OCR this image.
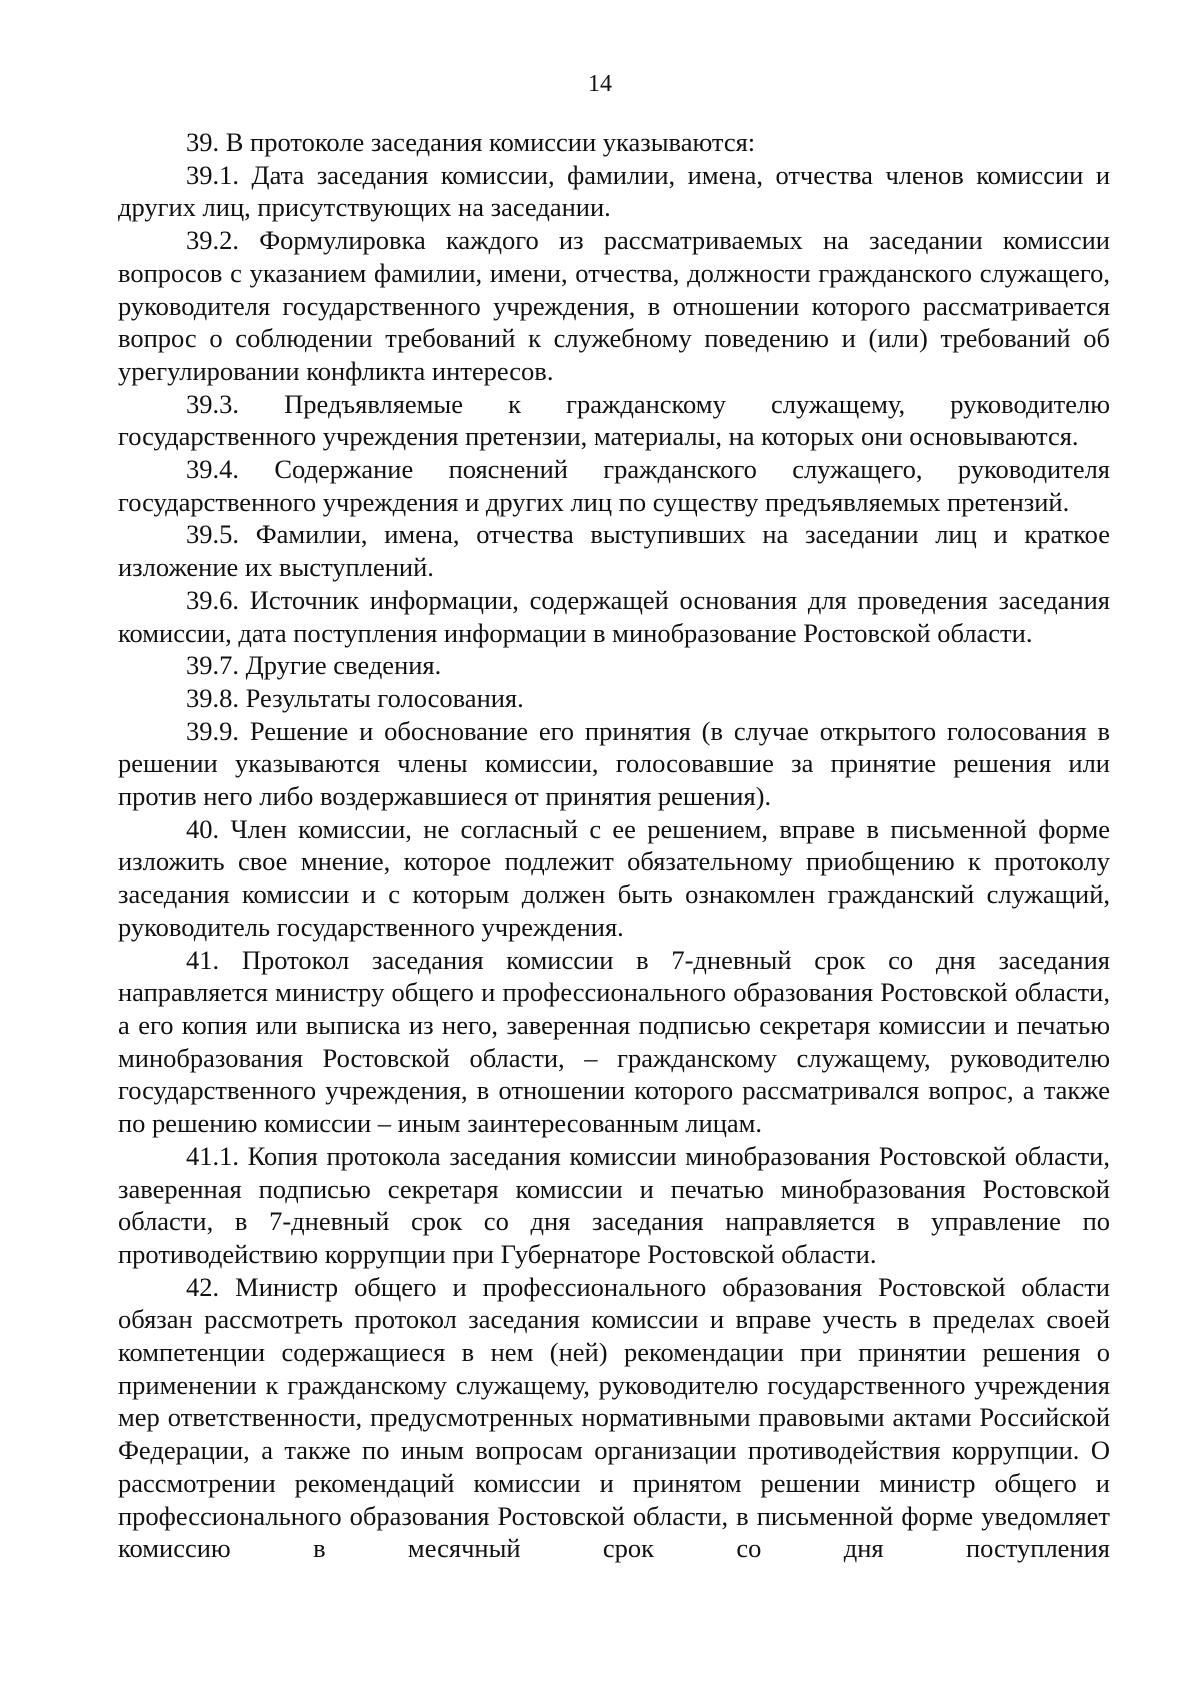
14

39. В протоколе заседания комиссии указываются:

39.1. Дата заседания комиссии, фамилии, имена, отчества членов комиссии и других лиц, присутствующих на заседании.

39.2. Формулировка каждого из рассматриваемых на заседании комиссии вопросов с указанием фамилии, имени, отчества, должности гражданского служащего, руководителя государственного учреждения, в отношении которого рассматривается вопрос о соблюдении требований к служебному поведению и (или) требований об урегулировании конфликта интересов.

39.3. Предъявляемые к гражданскому служащему, руководителю государственного учреждения претензии, материалы, на которых они основываются.

39.4. Содержание пояснений гражданского служащего, руководителя государственного учреждения и других лиц по существу предъявляемых претензий.

39.5. Фамилии, имена, отчества выступивших на заседании лиц и краткое изложение их выступлений.

39.6. Источник информации, содержащей основания для проведения заседания комиссии, дата поступления информации в минобразование Ростовской области.

39.7. Другие сведения.

39.8. Результаты голосования.

39.9. Решение и обоснование его принятия (в случае открытого голосования в решении указываются члены комиссии, голосовавшие за принятие решения или против него либо воздержавшиеся от принятия решения).

40. Член комиссии, не согласный с ее решением, вправе в письменной форме изложить свое мнение, которое подлежит обязательному приобщению к протоколу заседания комиссии и с которым должен быть ознакомлен гражданский служащий, руководитель государственного учреждения.

41. Протокол заседания комиссии в 7-дневный срок со дня заседания направляется министру общего и профессионального образования Ростовской области, а его копия или выписка из него, заверенная подписью секретаря комиссии и печатью минобразования Ростовской области, – гражданскому служащему, руководителю государственного учреждения, в отношении которого рассматривался вопрос, а также по решению комиссии – иным заинтересованным лицам.

41.1. Копия протокола заседания комиссии минобразования Ростовской области, заверенная подписью секретаря комиссии и печатью минобразования Ростовской области, в 7-дневный срок со дня заседания направляется в управление по противодействию коррупции при Губернаторе Ростовской области.

42. Министр общего и профессионального образования Ростовской области обязан рассмотреть протокол заседания комиссии и вправе учесть в пределах своей компетенции содержащиеся в нем (ней) рекомендации при принятии решения о применении к гражданскому служащему, руководителю государственного учреждения мер ответственности, предусмотренных нормативными правовыми актами Российской Федерации, а также по иным вопросам организации противодействия коррупции. О рассмотрении рекомендаций комиссии и принятом решении министр общего и профессионального образования Ростовской области, в письменной форме уведомляет комиссию в месячный срок со дня поступления
